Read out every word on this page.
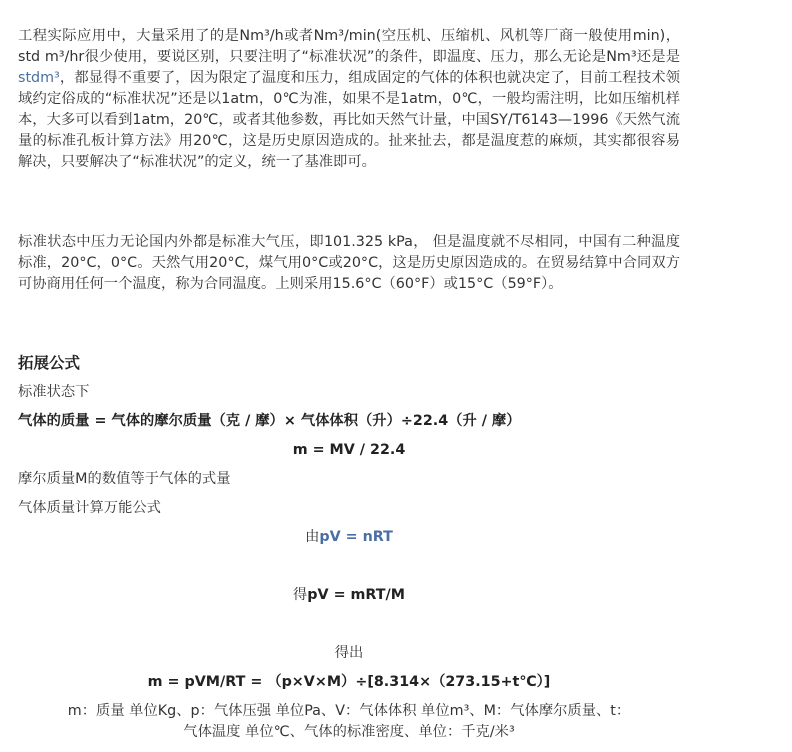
工程实际应用中，大量采用了的是Nm³/h或者Nm³/min(空压机、压缩机、风机等厂商一般使用min)，std m³/hr很少使用，要说区别，只要注明了“标准状况”的条件，即温度、压力，那么无论是Nm³还是是stdm³，都显得不重要了，因为限定了温度和压力，组成固定的气体的体积也就决定了，目前工程技术领域约定俗成的“标准状况”还是以1atm，0℃为准，如果不是1atm，0℃，一般均需注明，比如压缩机样本，大多可以看到1atm，20℃，或者其他参数，再比如天然气计量，中国SY/T6143—1996《天然气流量的标准孔板计算方法》用20℃，这是历史原因造成的。扯来扯去，都是温度惹的麻烦，其实都很容易解决，只要解决了“标准状况”的定义，统一了基准即可。

标准状态中压力无论国内外都是标准大气压，即101.325 kPa， 但是温度就不尽相同，中国有二种温度标准，20°C，0°C。天然气用20°C，煤气用0°C或20°C，这是历史原因造成的。在贸易结算中合同双方可协商用任何一个温度，称为合同温度。上则采用15.6°C（60°F）或15°C（59°F）。

拓展公式

标准状态下

气体的质量 = 气体的摩尔质量（克 / 摩）× 气体体积（升）÷22.4（升 / 摩）

m = MV / 22.4

摩尔质量M的数值等于气体的式量

气体质量计算万能公式

由pV = nRT

得pV = mRT/M

得出

m = pVM/RT = （p×V×M）÷[8.314×（273.15+t℃）]

m：质量 单位Kg、p：气体压强 单位Pa、V：气体体积 单位m³、M：气体摩尔质量、t：

气体温度 单位℃、气体的标准密度、单位：千克/米³
